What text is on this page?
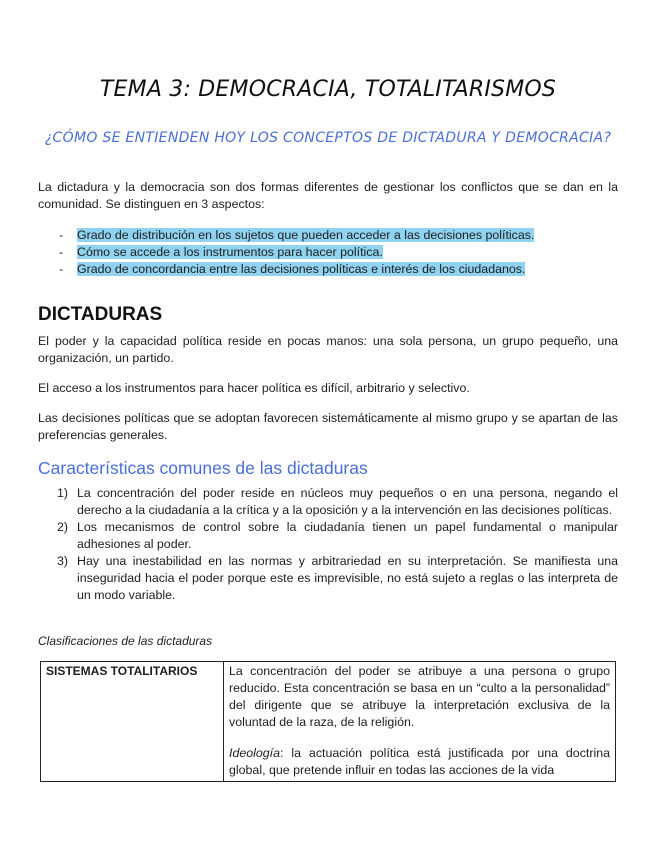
TEMA 3: DEMOCRACIA, TOTALITARISMOS
¿CÓMO SE ENTIENDEN HOY LOS CONCEPTOS DE DICTADURA Y DEMOCRACIA?
La dictadura y la democracia son dos formas diferentes de gestionar los conflictos que se dan en la comunidad. Se distinguen en 3 aspectos:
- Grado de distribución en los sujetos que pueden acceder a las decisiones políticas.
- Cómo se accede a los instrumentos para hacer política.
- Grado de concordancia entre las decisiones políticas e interés de los ciudadanos.
DICTADURAS

El poder y la capacidad política reside en pocas manos: una sola persona, un grupo pequeño, una organización, un partido.

El acceso a los instrumentos para hacer política es difícil, arbitrario y selectivo.

Las decisiones políticas que se adoptan favorecen sistemáticamente al mismo grupo y se apartan de las preferencias generales.

Características comunes de las dictaduras
1) La concentración del poder reside en núcleos muy pequeños o en una persona, negando el derecho a la ciudadanía a la crítica y a la oposición y a la intervención en las decisiones políticas.
2) Los mecanismos de control sobre la ciudadanía tienen un papel fundamental o manipular adhesiones al poder.
3) Hay una inestabilidad en las normas y arbitrariedad en su interpretación. Se manifiesta una inseguridad hacia el poder porque este es imprevisible, no está sujeto a reglas o las interpreta de un modo variable.
Clasificaciones de las dictaduras
SISTEMAS TOTALITARIOS	La concentración del poder se atribuye a una persona o grupo reducido. Esta concentración se basa en un “culto a la personalidad” del dirigente que se atribuye la interpretación exclusiva de la voluntad de la raza, de la religión.

Ideología: la actuación política está justificada por una doctrina global, que pretende influir en todas las acciones de la vida
